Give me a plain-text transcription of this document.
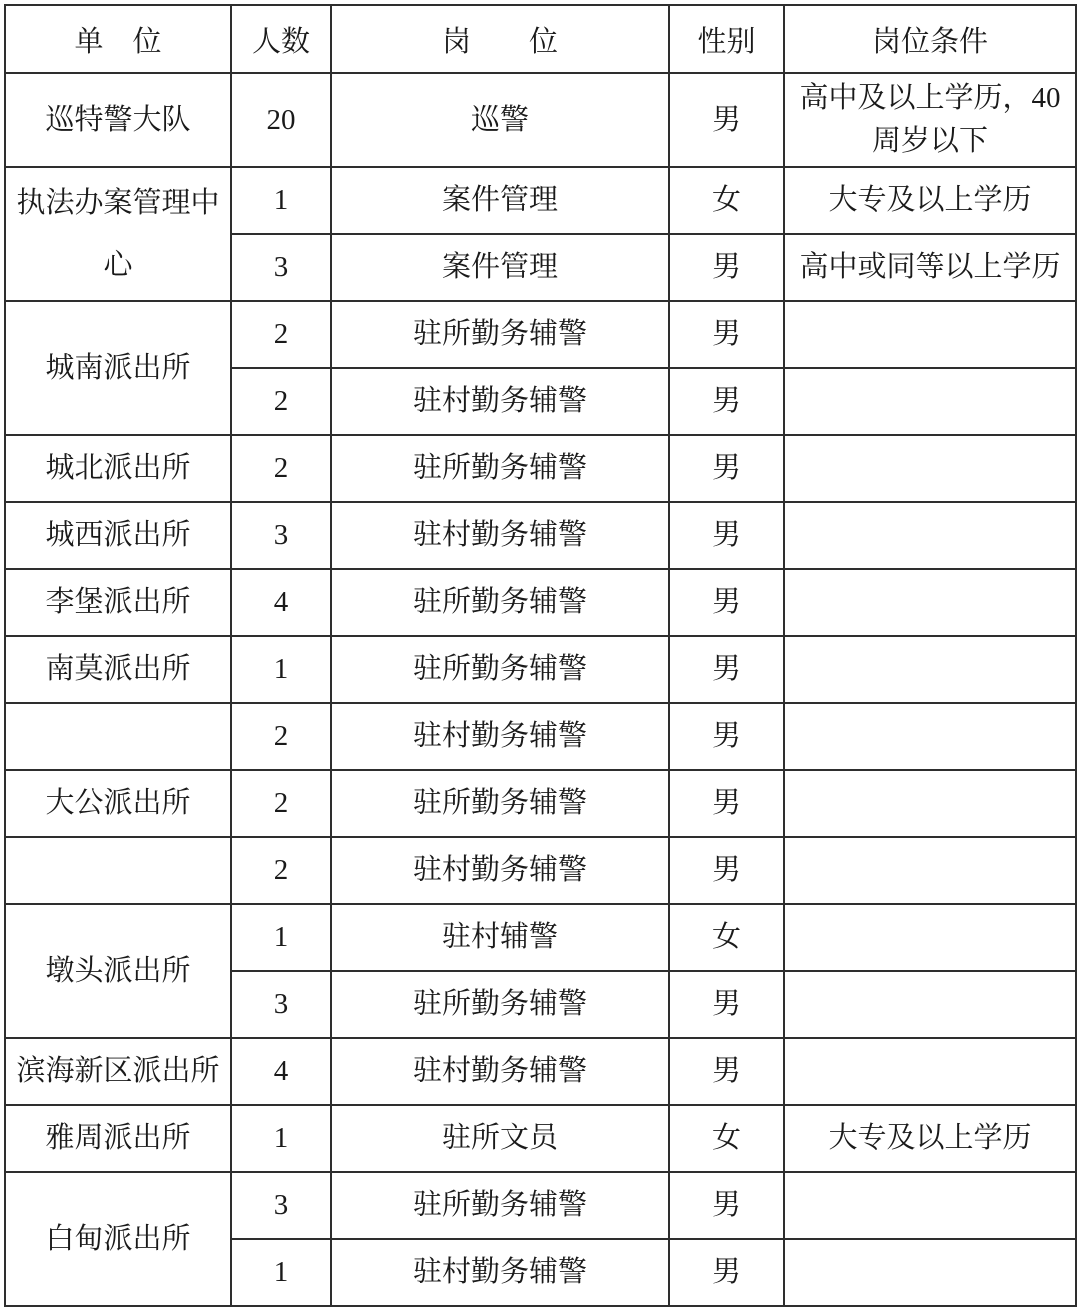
单　位	人数	岗　　位	性别	岗位条件
巡特警大队	20	巡警	男	高中及以上学历，40周岁以下
执法办案管理中心	1	案件管理	女	大专及以上学历
	3	案件管理	男	高中或同等以上学历
城南派出所	2	驻所勤务辅警	男	
	2	驻村勤务辅警	男	
城北派出所	2	驻所勤务辅警	男	
城西派出所	3	驻村勤务辅警	男	
李堡派出所	4	驻所勤务辅警	男	
南莫派出所	1	驻所勤务辅警	男	
	2	驻村勤务辅警	男	
大公派出所	2	驻所勤务辅警	男	
	2	驻村勤务辅警	男	
墩头派出所	1	驻村辅警	女	
	3	驻所勤务辅警	男	
滨海新区派出所	4	驻村勤务辅警	男	
雅周派出所	1	驻所文员	女	大专及以上学历
白甸派出所	3	驻所勤务辅警	男	
	1	驻村勤务辅警	男	
